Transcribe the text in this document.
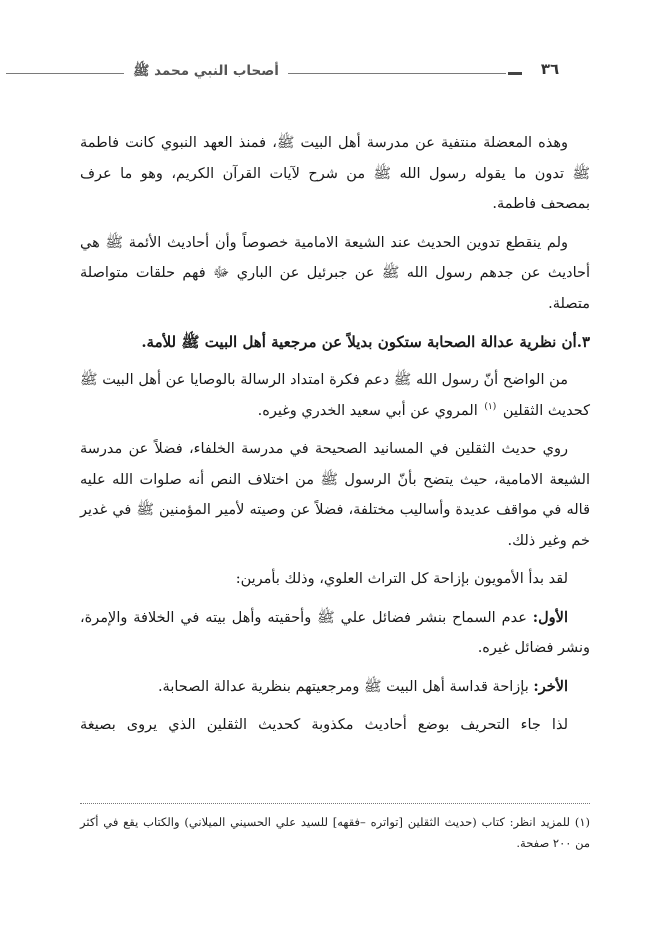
أصحاب النبي محمد ﷺ	٣٦

وهذه المعضلة منتفية عن مدرسة أهل البيت ﷺ، فمنذ العهد النبوي كانت فاطمة ﷺ تدون ما يقوله رسول الله ﷺ من شرح لآيات القرآن الكريم، وهو ما عرف بمصحف فاطمة.

ولم ينقطع تدوين الحديث عند الشيعة الامامية خصوصاً وأن أحاديث الأئمة ﷺ هي أحاديث عن جدهم رسول الله ﷺ عن جبرئيل عن الباري ﷻ فهم حلقات متواصلة متصلة.

٣.أن نظرية عدالة الصحابة ستكون بديلاً عن مرجعية أهل البيت ﷺ للأمة.

من الواضح أنّ رسول الله ﷺ دعم فكرة امتداد الرسالة بالوصايا عن أهل البيت ﷺ كحديث الثقلين $^{(١)}$ المروي عن أبي سعيد الخدري وغيره.

روي حديث الثقلين في المسانيد الصحيحة في مدرسة الخلفاء، فضلاً عن مدرسة الشيعة الامامية، حيث يتضح بأنّ الرسول ﷺ من اختلاف النص أنه صلوات الله عليه قاله في مواقف عديدة وأساليب مختلفة، فضلاً عن وصيته لأمير المؤمنين ﷺ في غدير خم وغير ذلك.

لقد بدأ الأمويون بإزاحة كل التراث العلوي، وذلك بأمرين:

الأول: عدم السماح بنشر فضائل علي ﷺ وأحقيته وأهل بيته في الخلافة والإمرة، ونشر فضائل غيره.

الأخر: بإزاحة قداسة أهل البيت ﷺ ومرجعيتهم بنظرية عدالة الصحابة.

لذا جاء التحريف بوضع أحاديث مكذوبة كحديث الثقلين الذي يروى بصيغة

(١) للمزيد انظر: كتاب (حديث الثقلين [تواتره –فقهه] للسيد علي الحسيني الميلاني) والكتاب يقع في أكثر من ٢٠٠ صفحة.
